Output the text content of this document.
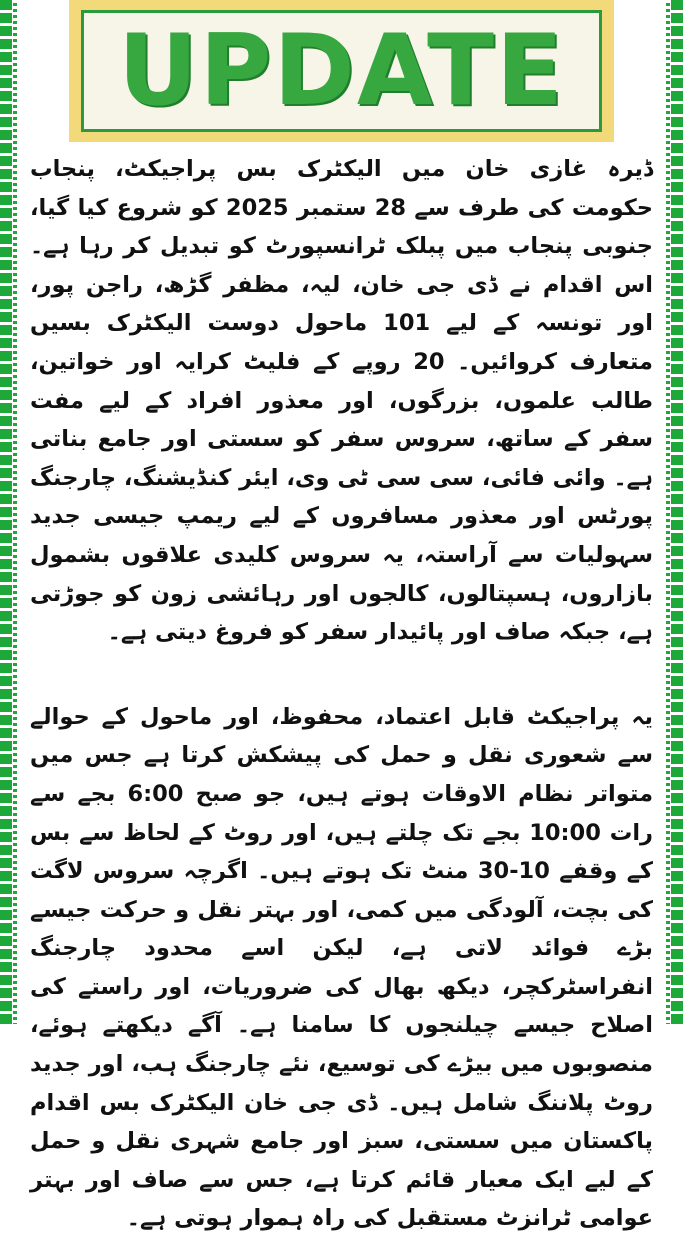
UPDATE

ڈیرہ غازی خان میں الیکٹرک بس پراجیکٹ، پنجاب حکومت کی طرف سے 28 ستمبر 2025 کو شروع کیا گیا، جنوبی پنجاب میں پبلک ٹرانسپورٹ کو تبدیل کر رہا ہے۔ اس اقدام نے ڈی جی خان، لیہ، مظفر گڑھ، راجن پور، اور تونسہ کے لیے 101 ماحول دوست الیکٹرک بسیں متعارف کروائیں۔ 20 روپے کے فلیٹ کرایہ اور خواتین، طالب علموں، بزرگوں، اور معذور افراد کے لیے مفت سفر کے ساتھ، سروس سفر کو سستی اور جامع بناتی ہے۔ وائی فائی، سی سی ٹی وی، ایئر کنڈیشنگ، چارجنگ پورٹس اور معذور مسافروں کے لیے ریمپ جیسی جدید سہولیات سے آراستہ، یہ سروس کلیدی علاقوں بشمول بازاروں، ہسپتالوں، کالجوں اور رہائشی زون کو جوڑتی ہے، جبکہ صاف اور پائیدار سفر کو فروغ دیتی ہے۔

یہ پراجیکٹ قابل اعتماد، محفوظ، اور ماحول کے حوالے سے شعوری نقل و حمل کی پیشکش کرتا ہے جس میں متواتر نظام الاوقات ہوتے ہیں، جو صبح 6:00 بجے سے رات 10:00 بجے تک چلتے ہیں، اور روٹ کے لحاظ سے بس کے وقفے 10-30 منٹ تک ہوتے ہیں۔ اگرچہ سروس لاگت کی بچت، آلودگی میں کمی، اور بہتر نقل و حرکت جیسے بڑے فوائد لاتی ہے، لیکن اسے محدود چارجنگ انفراسٹرکچر، دیکھ بھال کی ضروریات، اور راستے کی اصلاح جیسے چیلنجوں کا سامنا ہے۔ آگے دیکھتے ہوئے، منصوبوں میں بیڑے کی توسیع، نئے چارجنگ ہب، اور جدید روٹ پلاننگ شامل ہیں۔ ڈی جی خان الیکٹرک بس اقدام پاکستان میں سستی، سبز اور جامع شہری نقل و حمل کے لیے ایک معیار قائم کرتا ہے، جس سے صاف اور بہتر عوامی ٹرانزٹ مستقبل کی راہ ہموار ہوتی ہے۔
